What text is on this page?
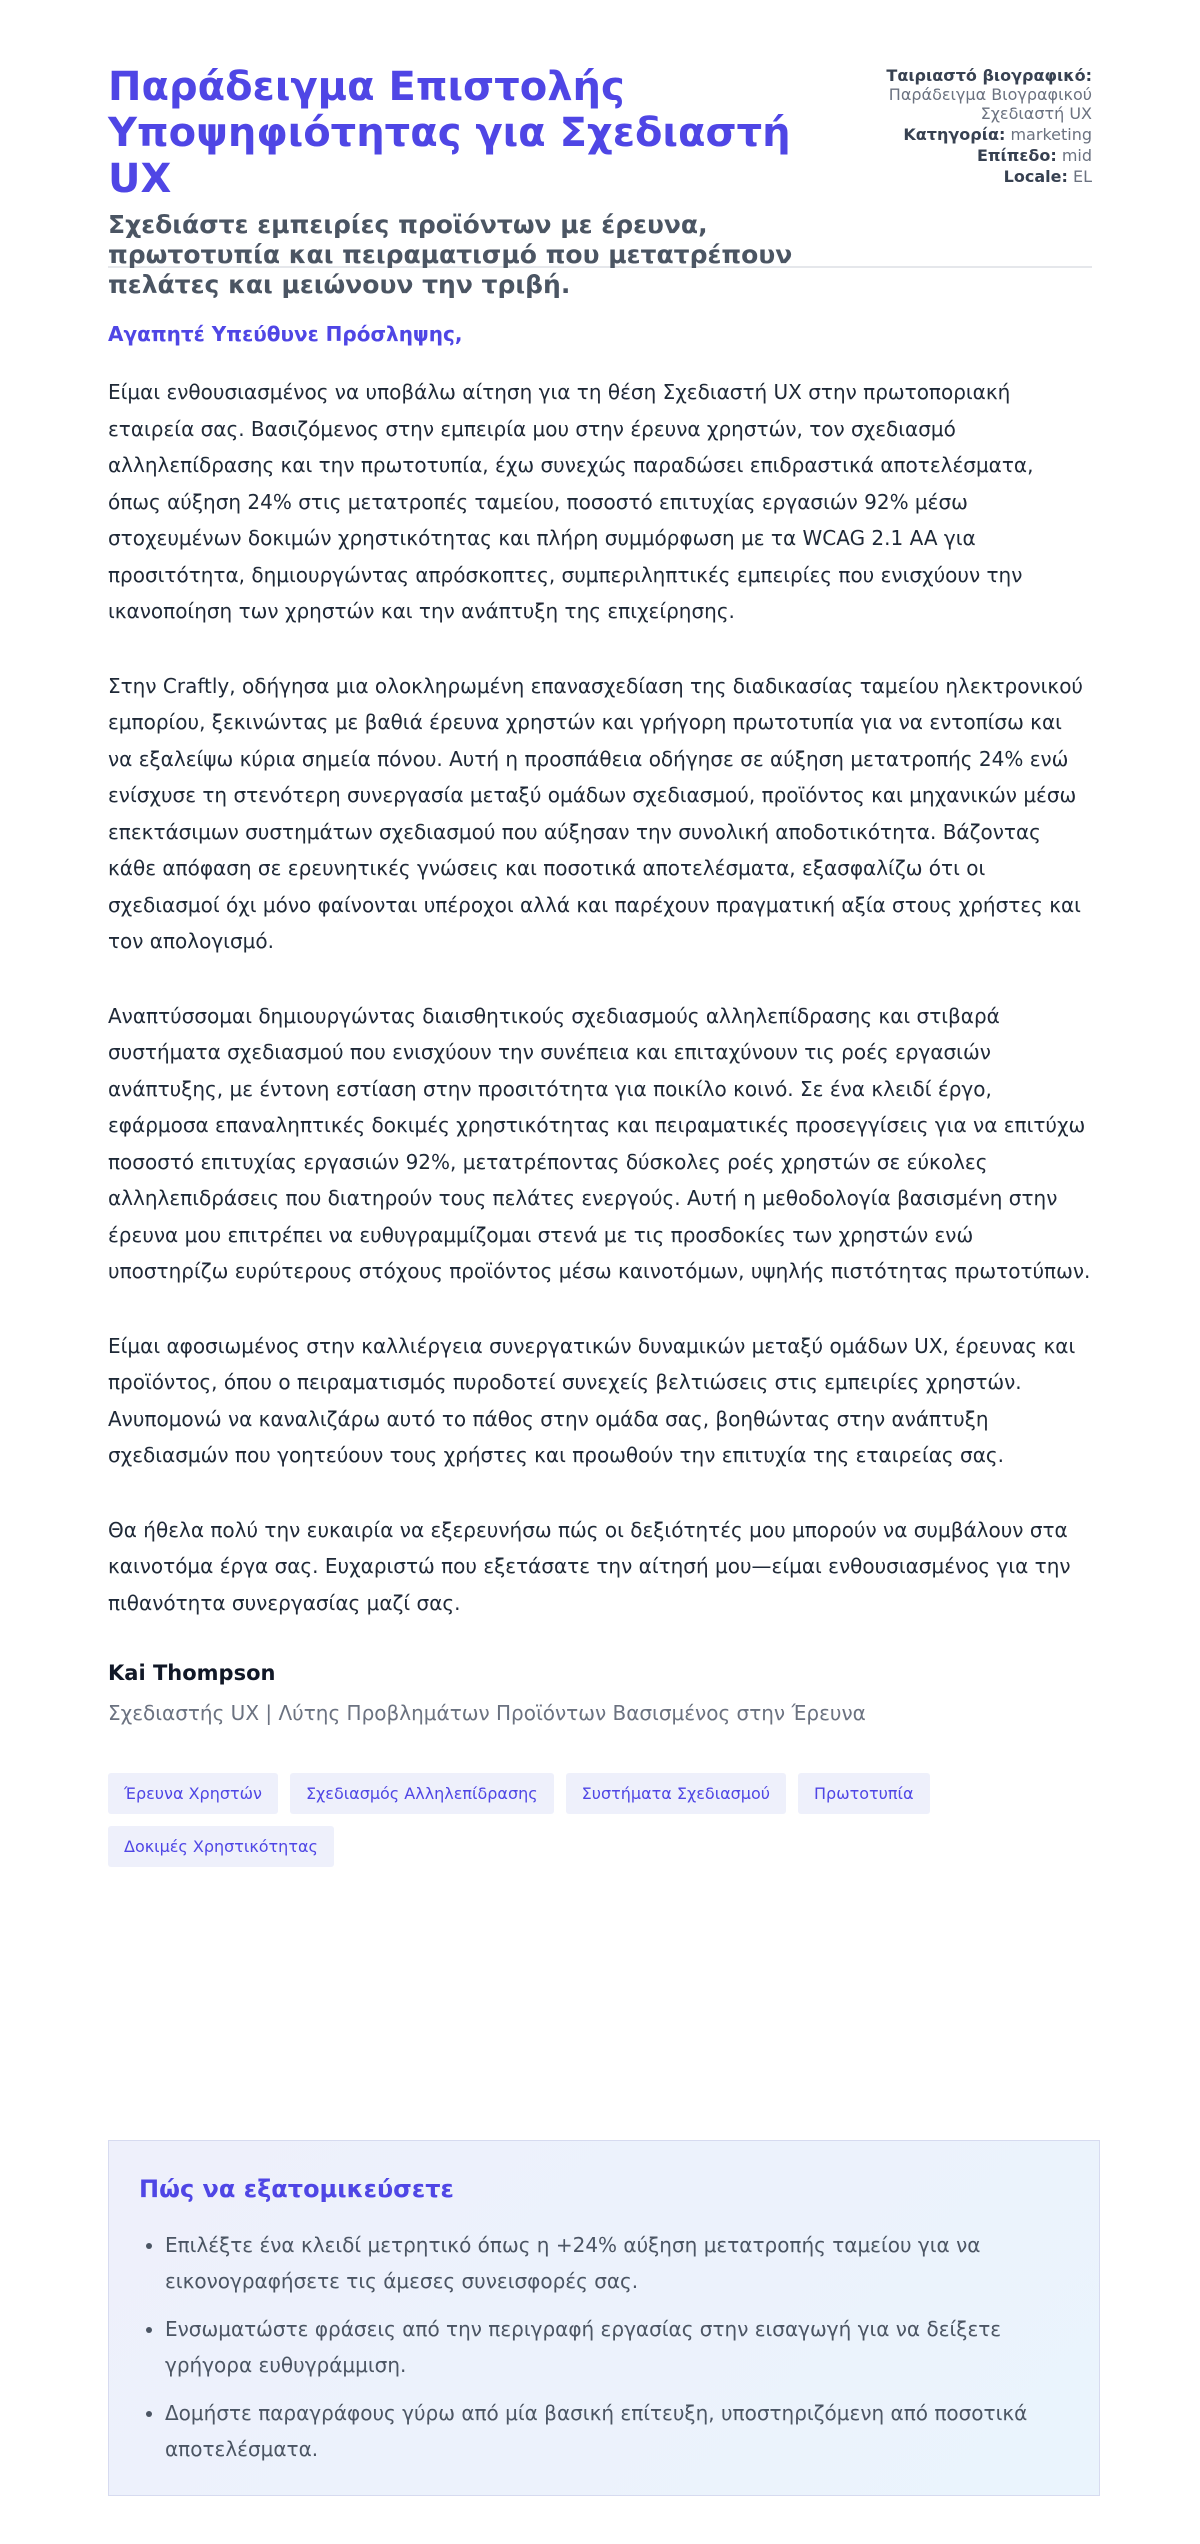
Παράδειγμα Επιστολής Υποψηφιότητας για Σχεδιαστή UX

Σχεδιάστε εμπειρίες προϊόντων με έρευνα, πρωτοτυπία και πειραματισμό που μετατρέπουν πελάτες και μειώνουν την τριβή.

Ταιριαστό βιογραφικό:
Παράδειγμα Βιογραφικού Σχεδιαστή UX
Κατηγορία: marketing
Επίπεδο: mid
Locale: EL

Αγαπητέ Υπεύθυνε Πρόσληψης,

Είμαι ενθουσιασμένος να υποβάλω αίτηση για τη θέση Σχεδιαστή UX στην πρωτοποριακή εταιρεία σας. Βασιζόμενος στην εμπειρία μου στην έρευνα χρηστών, τον σχεδιασμό αλληλεπίδρασης και την πρωτοτυπία, έχω συνεχώς παραδώσει επιδραστικά αποτελέσματα, όπως αύξηση 24% στις μετατροπές ταμείου, ποσοστό επιτυχίας εργασιών 92% μέσω στοχευμένων δοκιμών χρηστικότητας και πλήρη συμμόρφωση με τα WCAG 2.1 AA για προσιτότητα, δημιουργώντας απρόσκοπτες, συμπεριληπτικές εμπειρίες που ενισχύουν την ικανοποίηση των χρηστών και την ανάπτυξη της επιχείρησης.

Στην Craftly, οδήγησα μια ολοκληρωμένη επανασχεδίαση της διαδικασίας ταμείου ηλεκτρονικού εμπορίου, ξεκινώντας με βαθιά έρευνα χρηστών και γρήγορη πρωτοτυπία για να εντοπίσω και να εξαλείψω κύρια σημεία πόνου. Αυτή η προσπάθεια οδήγησε σε αύξηση μετατροπής 24% ενώ ενίσχυσε τη στενότερη συνεργασία μεταξύ ομάδων σχεδιασμού, προϊόντος και μηχανικών μέσω επεκτάσιμων συστημάτων σχεδιασμού που αύξησαν την συνολική αποδοτικότητα. Βάζοντας κάθε απόφαση σε ερευνητικές γνώσεις και ποσοτικά αποτελέσματα, εξασφαλίζω ότι οι σχεδιασμοί όχι μόνο φαίνονται υπέροχοι αλλά και παρέχουν πραγματική αξία στους χρήστες και τον απολογισμό.

Αναπτύσσομαι δημιουργώντας διαισθητικούς σχεδιασμούς αλληλεπίδρασης και στιβαρά συστήματα σχεδιασμού που ενισχύουν την συνέπεια και επιταχύνουν τις ροές εργασιών ανάπτυξης, με έντονη εστίαση στην προσιτότητα για ποικίλο κοινό. Σε ένα κλειδί έργο, εφάρμοσα επαναληπτικές δοκιμές χρηστικότητας και πειραματικές προσεγγίσεις για να επιτύχω ποσοστό επιτυχίας εργασιών 92%, μετατρέποντας δύσκολες ροές χρηστών σε εύκολες αλληλεπιδράσεις που διατηρούν τους πελάτες ενεργούς. Αυτή η μεθοδολογία βασισμένη στην έρευνα μου επιτρέπει να ευθυγραμμίζομαι στενά με τις προσδοκίες των χρηστών ενώ υποστηρίζω ευρύτερους στόχους προϊόντος μέσω καινοτόμων, υψηλής πιστότητας πρωτοτύπων.

Είμαι αφοσιωμένος στην καλλιέργεια συνεργατικών δυναμικών μεταξύ ομάδων UX, έρευνας και προϊόντος, όπου ο πειραματισμός πυροδοτεί συνεχείς βελτιώσεις στις εμπειρίες χρηστών. Ανυπομονώ να καναλιζάρω αυτό το πάθος στην ομάδα σας, βοηθώντας στην ανάπτυξη σχεδιασμών που γοητεύουν τους χρήστες και προωθούν την επιτυχία της εταιρείας σας.

Θα ήθελα πολύ την ευκαιρία να εξερευνήσω πώς οι δεξιότητές μου μπορούν να συμβάλουν στα καινοτόμα έργα σας. Ευχαριστώ που εξετάσατε την αίτησή μου—είμαι ενθουσιασμένος για την πιθανότητα συνεργασίας μαζί σας.

Kai Thompson

Σχεδιαστής UX | Λύτης Προβλημάτων Προϊόντων Βασισμένος στην Έρευνα

Έρευνα Χρηστών	Σχεδιασμός Αλληλεπίδρασης	Συστήματα Σχεδιασμού	Πρωτοτυπία
Δοκιμές Χρηστικότητας
Πώς να εξατομικεύσετε
• Επιλέξτε ένα κλειδί μετρητικό όπως η +24% αύξηση μετατροπής ταμείου για να εικονογραφήσετε τις άμεσες συνεισφορές σας.
• Ενσωματώστε φράσεις από την περιγραφή εργασίας στην εισαγωγή για να δείξετε γρήγορα ευθυγράμμιση.
• Δομήστε παραγράφους γύρω από μία βασική επίτευξη, υποστηριζόμενη από ποσοτικά αποτελέσματα.
